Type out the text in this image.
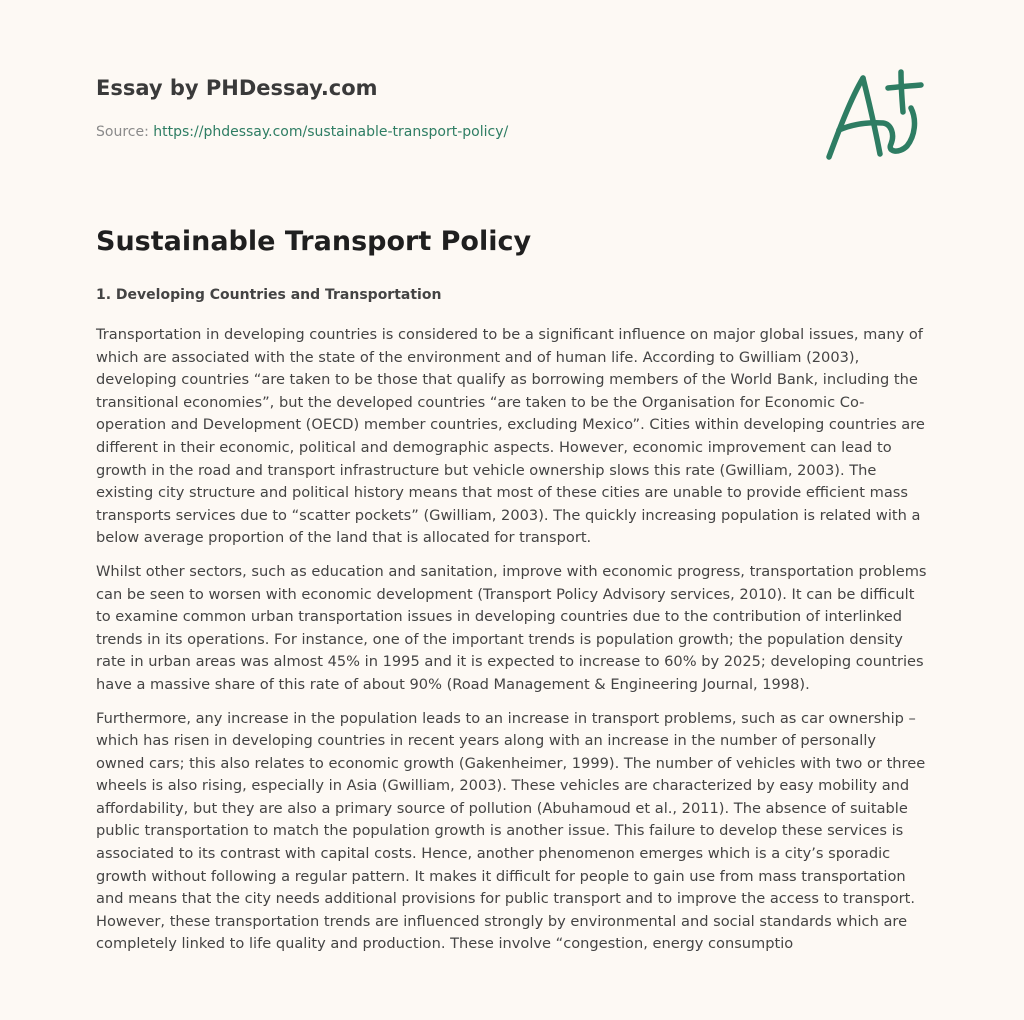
Essay by PHDessay.com
Source: https://phdessay.com/sustainable-transport-policy/
Sustainable Transport Policy
1. Developing Countries and Transportation

Transportation in developing countries is considered to be a significant influence on major global issues, many of which are associated with the state of the environment and of human life. According to Gwilliam (2003), developing countries “are taken to be those that qualify as borrowing members of the World Bank, including the transitional economies”, but the developed countries “are taken to be the Organisation for Economic Co-operation and Development (OECD) member countries, excluding Mexico”. Cities within developing countries are different in their economic, political and demographic aspects. However, economic improvement can lead to growth in the road and transport infrastructure but vehicle ownership slows this rate (Gwilliam, 2003). The existing city structure and political history means that most of these cities are unable to provide efficient mass transports services due to “scatter pockets” (Gwilliam, 2003). The quickly increasing population is related with a below average proportion of the land that is allocated for transport.

Whilst other sectors, such as education and sanitation, improve with economic progress, transportation problems can be seen to worsen with economic development (Transport Policy Advisory services, 2010). It can be difficult to examine common urban transportation issues in developing countries due to the contribution of interlinked trends in its operations. For instance, one of the important trends is population growth; the population density rate in urban areas was almost 45% in 1995 and it is expected to increase to 60% by 2025; developing countries have a massive share of this rate of about 90% (Road Management & Engineering Journal, 1998).

Furthermore, any increase in the population leads to an increase in transport problems, such as car ownership – which has risen in developing countries in recent years along with an increase in the number of personally owned cars; this also relates to economic growth (Gakenheimer, 1999). The number of vehicles with two or three wheels is also rising, especially in Asia (Gwilliam, 2003). These vehicles are characterized by easy mobility and affordability, but they are also a primary source of pollution (Abuhamoud et al., 2011). The absence of suitable public transportation to match the population growth is another issue. This failure to develop these services is associated to its contrast with capital costs. Hence, another phenomenon emerges which is a city’s sporadic growth without following a regular pattern. It makes it difficult for people to gain use from mass transportation and means that the city needs additional provisions for public transport and to improve the access to transport. However, these transportation trends are influenced strongly by environmental and social standards which are completely linked to life quality and production. These involve “congestion, energy consumptio
